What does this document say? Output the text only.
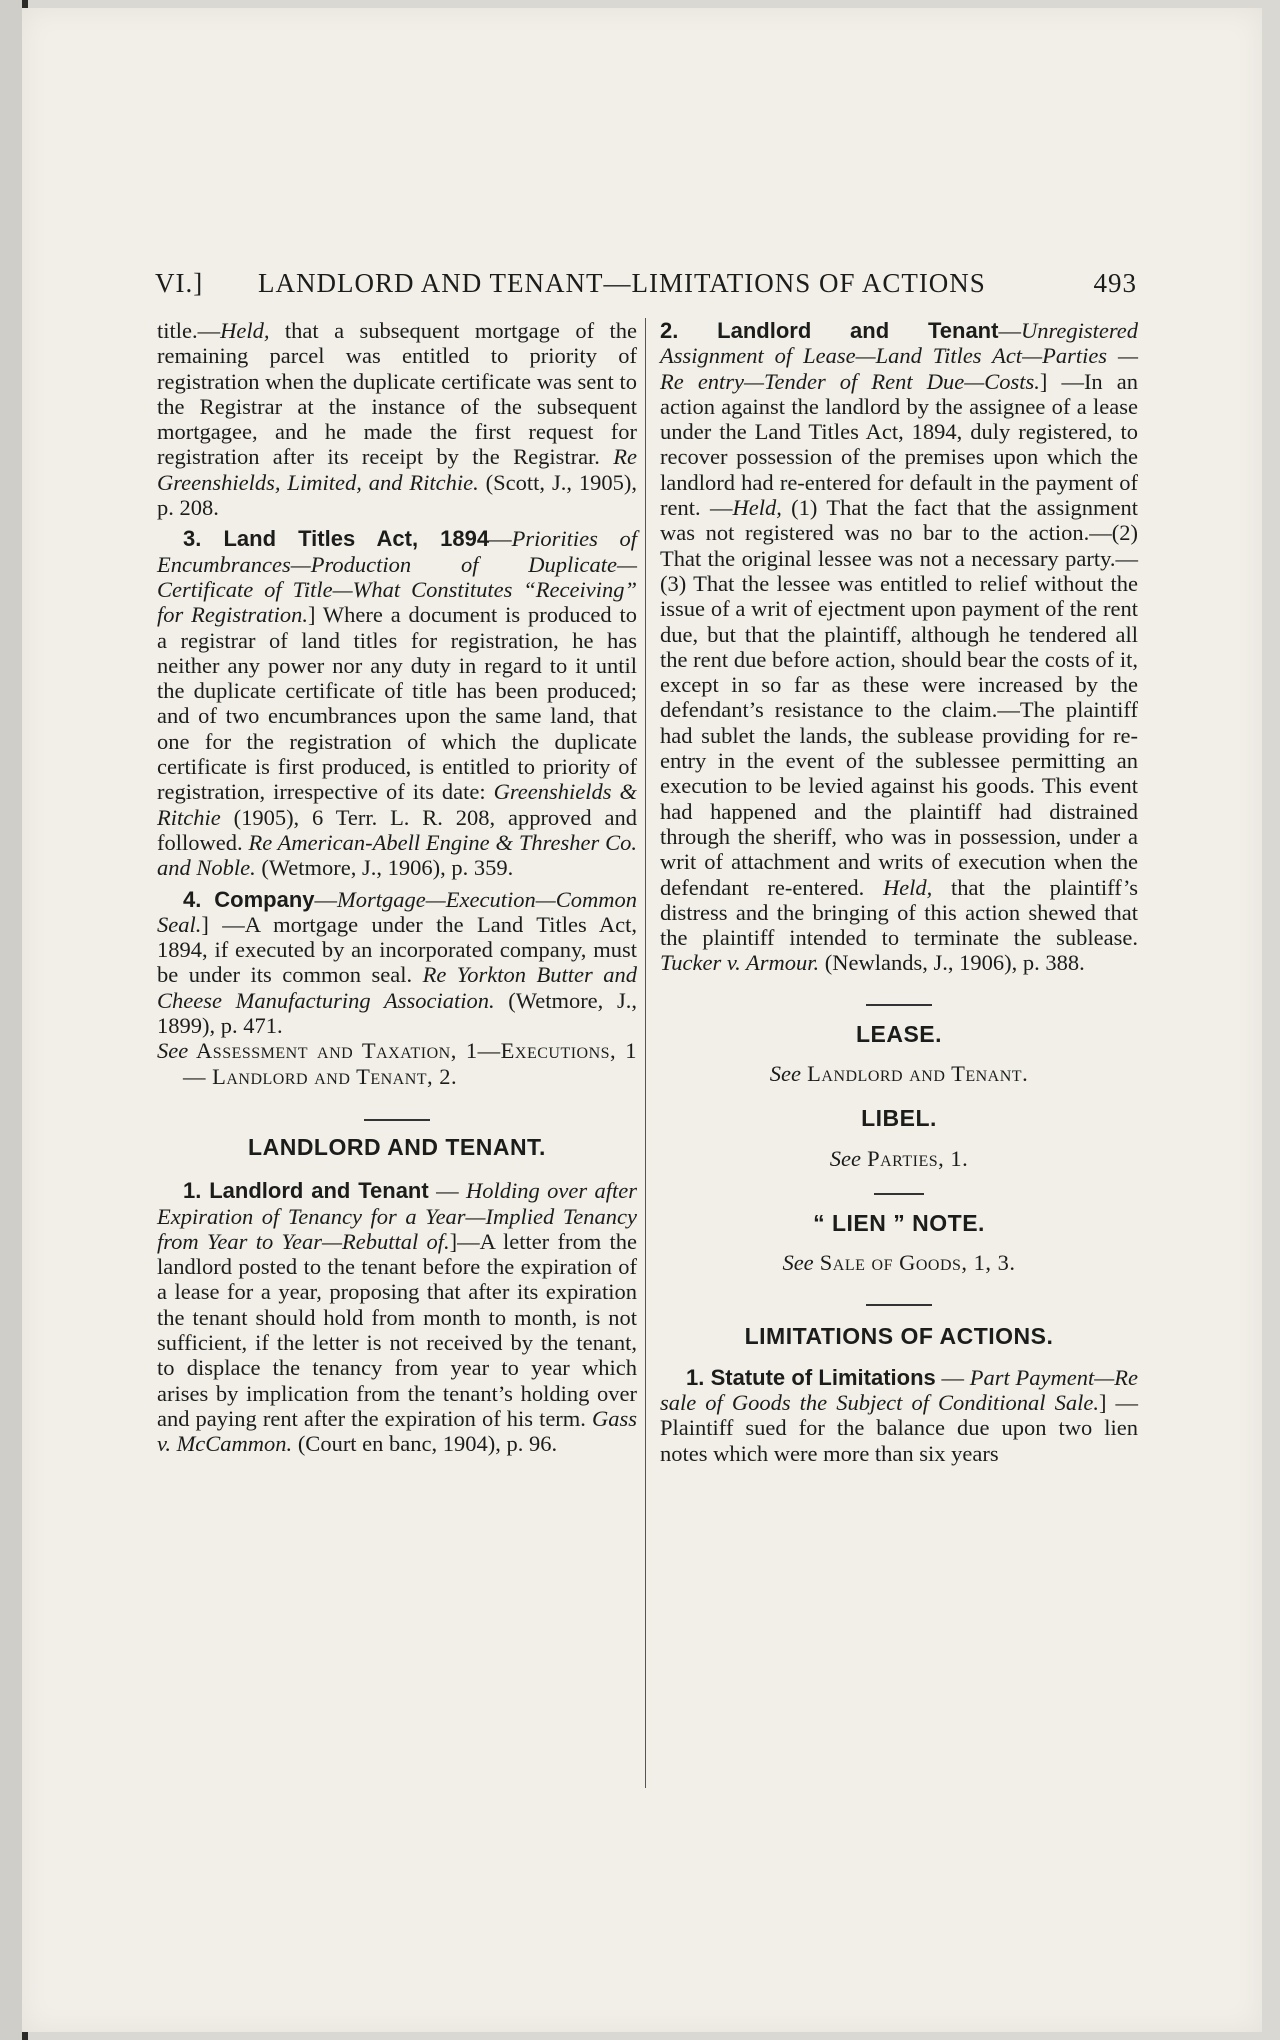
VI.] LANDLORD AND TENANT—LIMITATIONS OF ACTIONS	493

title.—Held, that a subsequent mortgage of the remaining parcel was entitled to priority of registration when the duplicate certificate was sent to the Registrar at the instance of the subsequent mortgagee, and he made the first request for registration after its receipt by the Registrar. Re Greenshields, Limited, and Ritchie. (Scott, J., 1905), p. 208.

3. Land Titles Act, 1894—Priorities of Encumbrances—Production of Duplicate—Certificate of Title—What Constitutes “Receiving” for Registration.] Where a document is produced to a registrar of land titles for registration, he has neither any power nor any duty in regard to it until the duplicate certificate of title has been produced; and of two encumbrances upon the same land, that one for the registration of which the duplicate certificate is first produced, is entitled to priority of registration, irrespective of its date: Greenshields & Ritchie (1905), 6 Terr. L. R. 208, approved and followed. Re American-Abell Engine & Thresher Co. and Noble. (Wetmore, J., 1906), p. 359.

4. Company—Mortgage—Execution—Common Seal.] —A mortgage under the Land Titles Act, 1894, if executed by an incorporated company, must be under its common seal. Re Yorkton Butter and Cheese Manufacturing Association. (Wetmore, J., 1899), p. 471.

See Assessment and Taxation, 1—Executions, 1 — Landlord and Tenant, 2.

LANDLORD AND TENANT.

1. Landlord and Tenant — Holding over after Expiration of Tenancy for a Year—Implied Tenancy from Year to Year—Rebuttal of.]—A letter from the landlord posted to the tenant before the expiration of a lease for a year, proposing that after its expiration the tenant should hold from month to month, is not sufficient, if the letter is not received by the tenant, to displace the tenancy from year to year which arises by implication from the tenant’s holding over and paying rent after the expiration of his term. Gass v. McCammon. (Court en banc, 1904), p. 96.

2. Landlord and Tenant—Unregistered Assignment of Lease—Land Titles Act—Parties — Re entry—Tender of Rent Due—Costs.] —In an action against the landlord by the assignee of a lease under the Land Titles Act, 1894, duly registered, to recover possession of the premises upon which the landlord had re-entered for default in the payment of rent. —Held, (1) That the fact that the assignment was not registered was no bar to the action.—(2) That the original lessee was not a necessary party.—(3) That the lessee was entitled to relief without the issue of a writ of ejectment upon payment of the rent due, but that the plaintiff, although he tendered all the rent due before action, should bear the costs of it, except in so far as these were increased by the defendant’s resistance to the claim.—The plaintiff had sublet the lands, the sublease providing for re-entry in the event of the sublessee permitting an execution to be levied against his goods. This event had happened and the plaintiff had distrained through the sheriff, who was in possession, under a writ of attachment and writs of execution when the defendant re-entered. Held, that the plaintiff’s distress and the bringing of this action shewed that the plaintiff intended to terminate the sublease. Tucker v. Armour. (Newlands, J., 1906), p. 388.

LEASE.

See Landlord and Tenant.

LIBEL.

See Parties, 1.

“ LIEN ” NOTE.

See Sale of Goods, 1, 3.

LIMITATIONS OF ACTIONS.

1. Statute of Limitations — Part Payment—Re sale of Goods the Subject of Conditional Sale.] —Plaintiff sued for the balance due upon two lien notes which were more than six years
